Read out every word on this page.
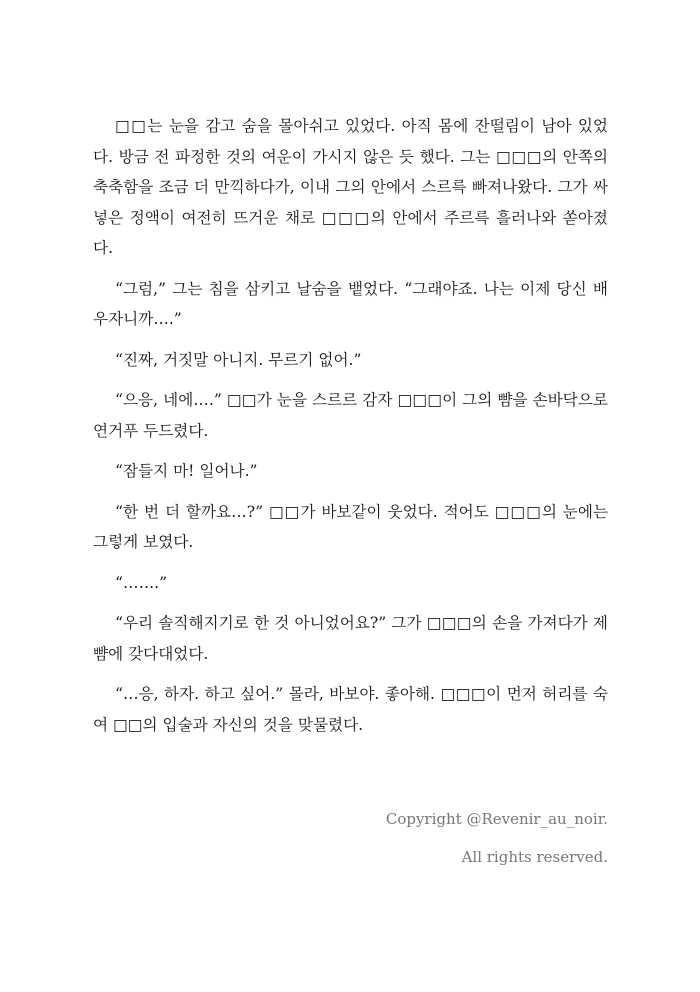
□□는 눈을 감고 숨을 몰아쉬고 있었다. 아직 몸에 잔떨림이 남아 있었다. 방금 전 파정한 것의 여운이 가시지 않은 듯 했다. 그는 □□□의 안쪽의 축축함을 조금 더 만끽하다가, 이내 그의 안에서 스르륵 빠져나왔다. 그가 싸넣은 정액이 여전히 뜨거운 채로 □□□의 안에서 주르륵 흘러나와 쏟아졌다.

“그럼,” 그는 침을 삼키고 날숨을 뱉었다. “그래야죠. 나는 이제 당신 배우자니까….”

“진짜, 거짓말 아니지. 무르기 없어.”

“으응, 네에….” □□가 눈을 스르르 감자 □□□이 그의 뺨을 손바닥으로 연거푸 두드렸다.

“잠들지 마! 일어나.”

“한 번 더 할까요…?” □□가 바보같이 웃었다. 적어도 □□□의 눈에는 그렇게 보였다.

“…….”

“우리 솔직해지기로 한 것 아니었어요?” 그가 □□□의 손을 가져다가 제 뺨에 갖다대었다.

“…응, 하자. 하고 싶어.” 몰라, 바보야. 좋아해. □□□이 먼저 허리를 숙여 □□의 입술과 자신의 것을 맞물렸다.

Copyright @Revenir_au_noir.
All rights reserved.
